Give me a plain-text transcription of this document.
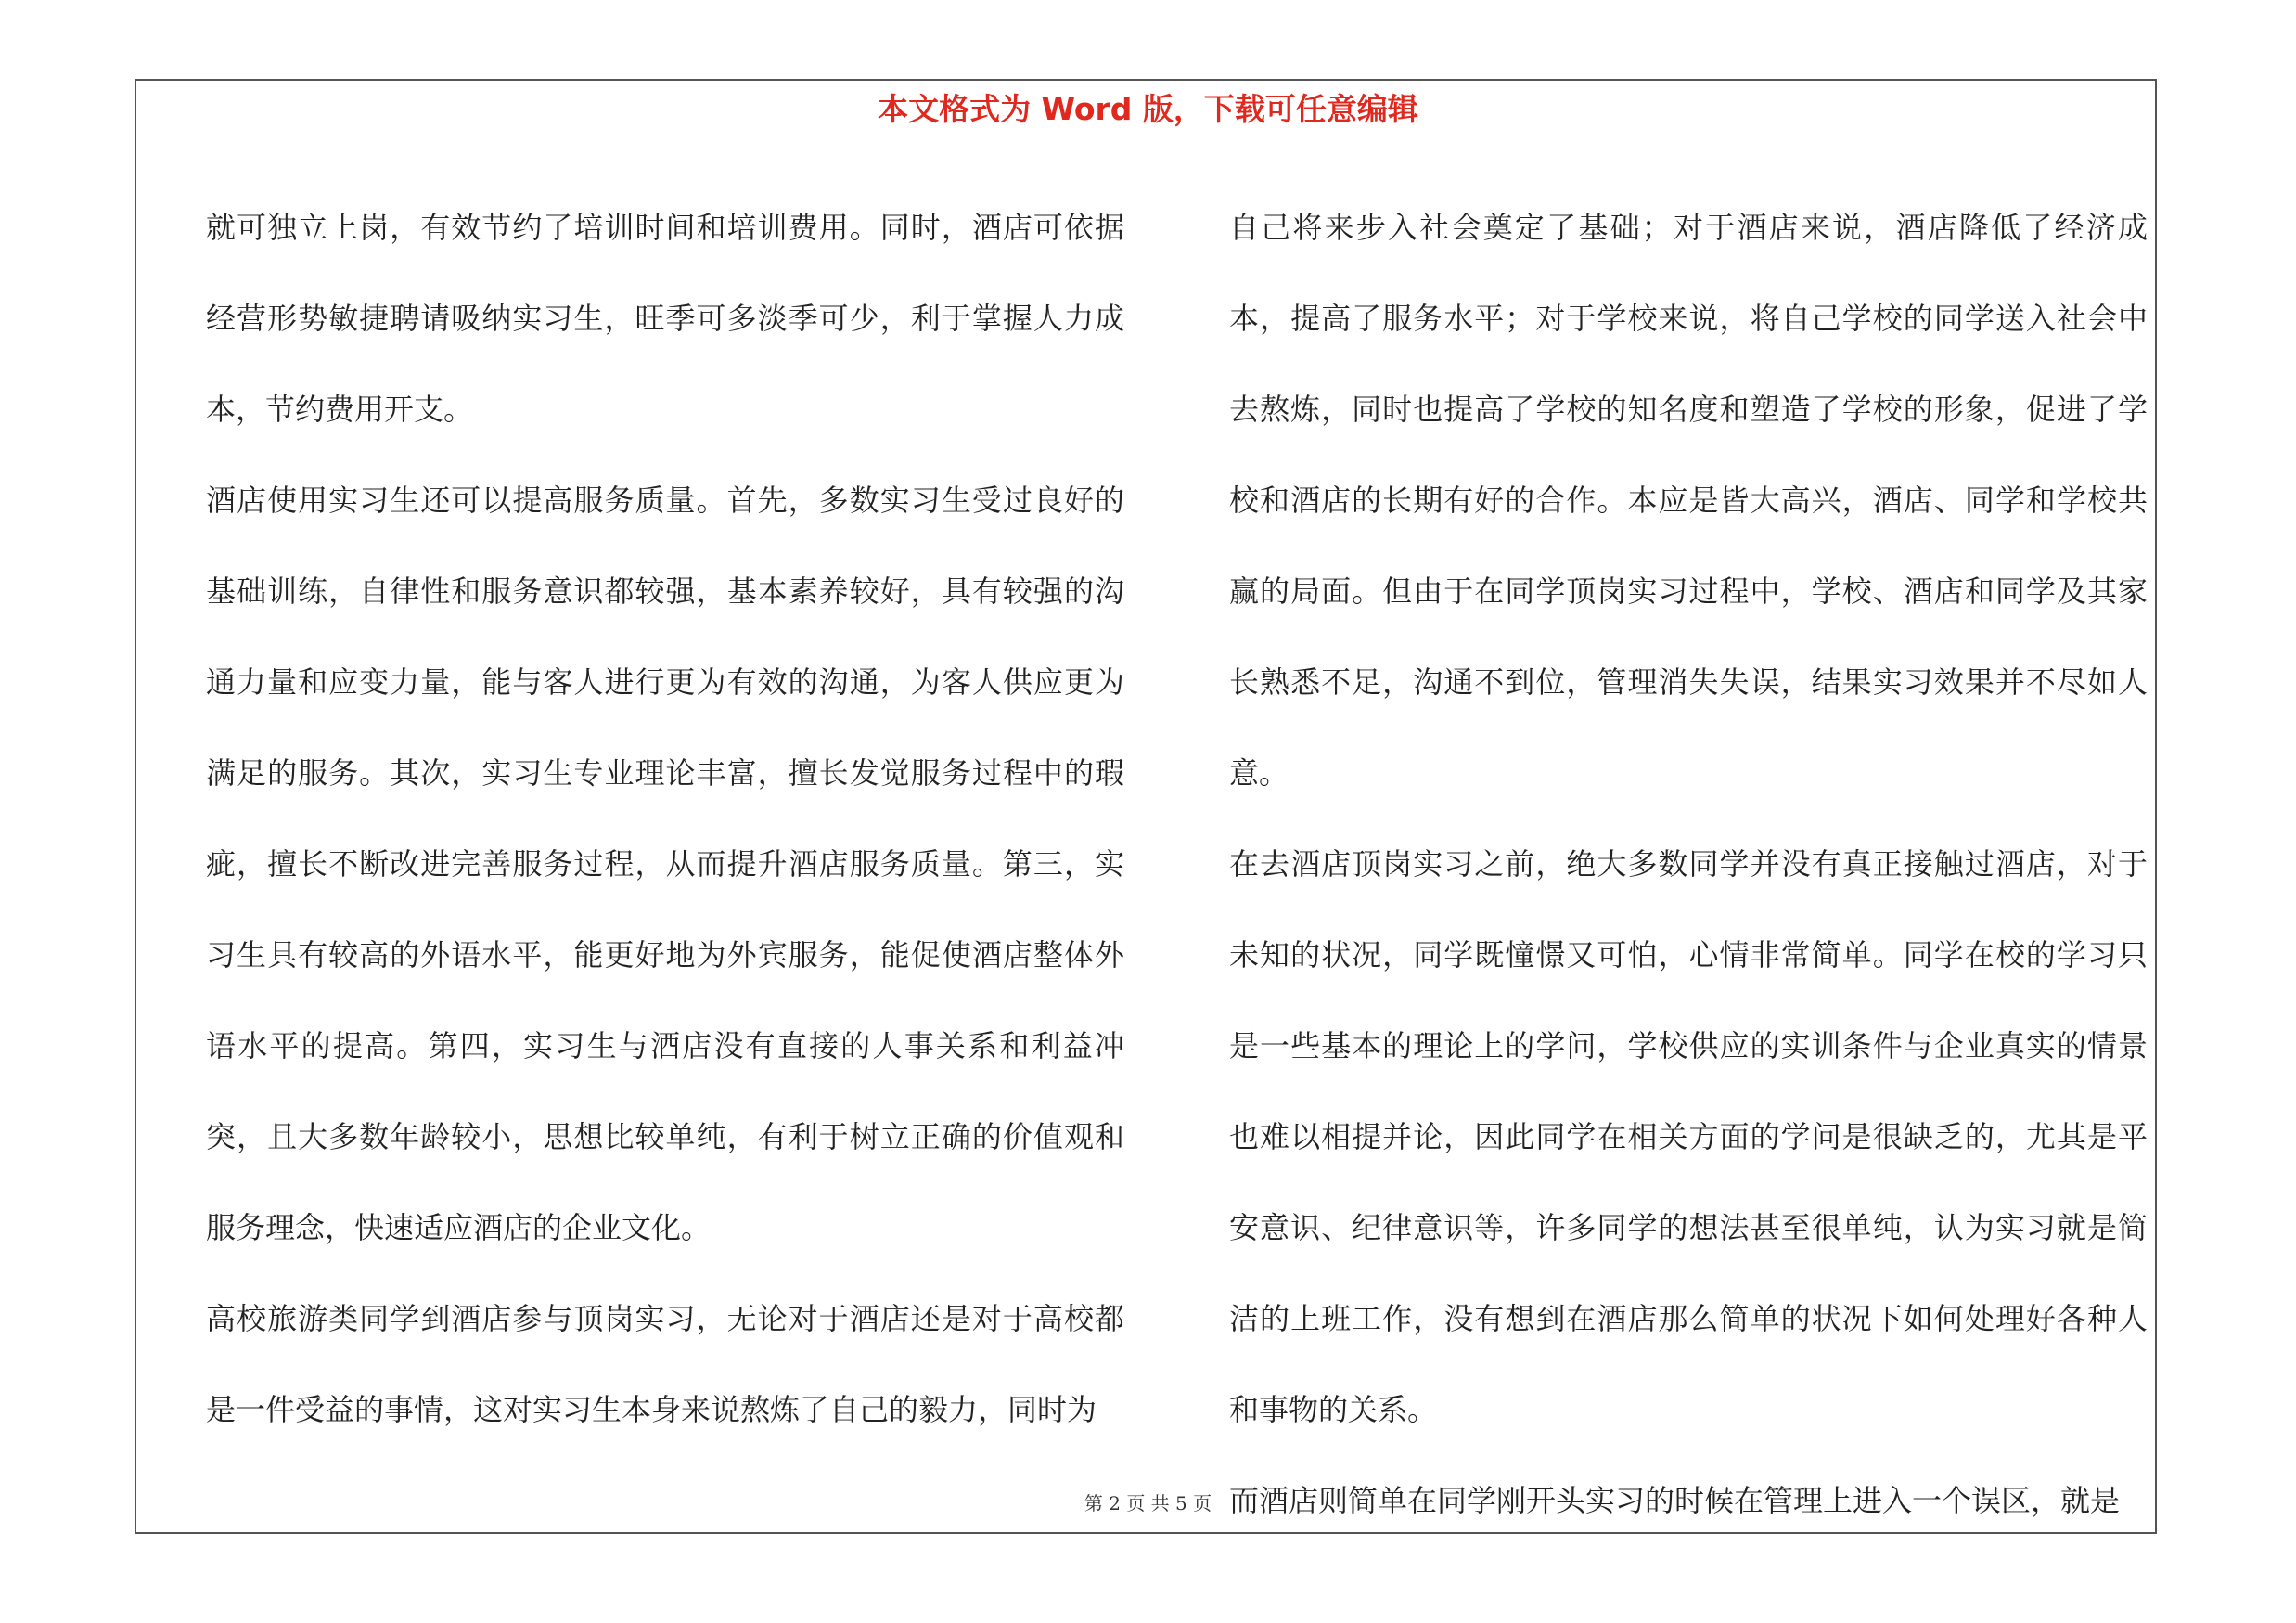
本文格式为 Word 版，下载可任意编辑

就可独立上岗，有效节约了培训时间和培训费用。同时，酒店可依据经营形势敏捷聘请吸纳实习生，旺季可多淡季可少，利于掌握人力成本，节约费用开支。

酒店使用实习生还可以提高服务质量。首先，多数实习生受过良好的基础训练，自律性和服务意识都较强，基本素养较好，具有较强的沟通力量和应变力量，能与客人进行更为有效的沟通，为客人供应更为满足的服务。其次，实习生专业理论丰富，擅长发觉服务过程中的瑕疵，擅长不断改进完善服务过程，从而提升酒店服务质量。第三，实习生具有较高的外语水平，能更好地为外宾服务，能促使酒店整体外语水平的提高。第四，实习生与酒店没有直接的人事关系和利益冲突，且大多数年龄较小，思想比较单纯，有利于树立正确的价值观和服务理念，快速适应酒店的企业文化。

高校旅游类同学到酒店参与顶岗实习，无论对于酒店还是对于高校都是一件受益的事情，这对实习生本身来说熬炼了自己的毅力，同时为

自己将来步入社会奠定了基础；对于酒店来说，酒店降低了经济成本，提高了服务水平；对于学校来说，将自己学校的同学送入社会中去熬炼，同时也提高了学校的知名度和塑造了学校的形象，促进了学校和酒店的长期有好的合作。本应是皆大高兴，酒店、同学和学校共赢的局面。但由于在同学顶岗实习过程中，学校、酒店和同学及其家长熟悉不足，沟通不到位，管理消失失误，结果实习效果并不尽如人意。

在去酒店顶岗实习之前，绝大多数同学并没有真正接触过酒店，对于未知的状况，同学既憧憬又可怕，心情非常简单。同学在校的学习只是一些基本的理论上的学问，学校供应的实训条件与企业真实的情景也难以相提并论，因此同学在相关方面的学问是很缺乏的，尤其是平安意识、纪律意识等，许多同学的想法甚至很单纯，认为实习就是简洁的上班工作，没有想到在酒店那么简单的状况下如何处理好各种人和事物的关系。

而酒店则简单在同学刚开头实习的时候在管理上进入一个误区，就是

第 2 页 共 5 页
